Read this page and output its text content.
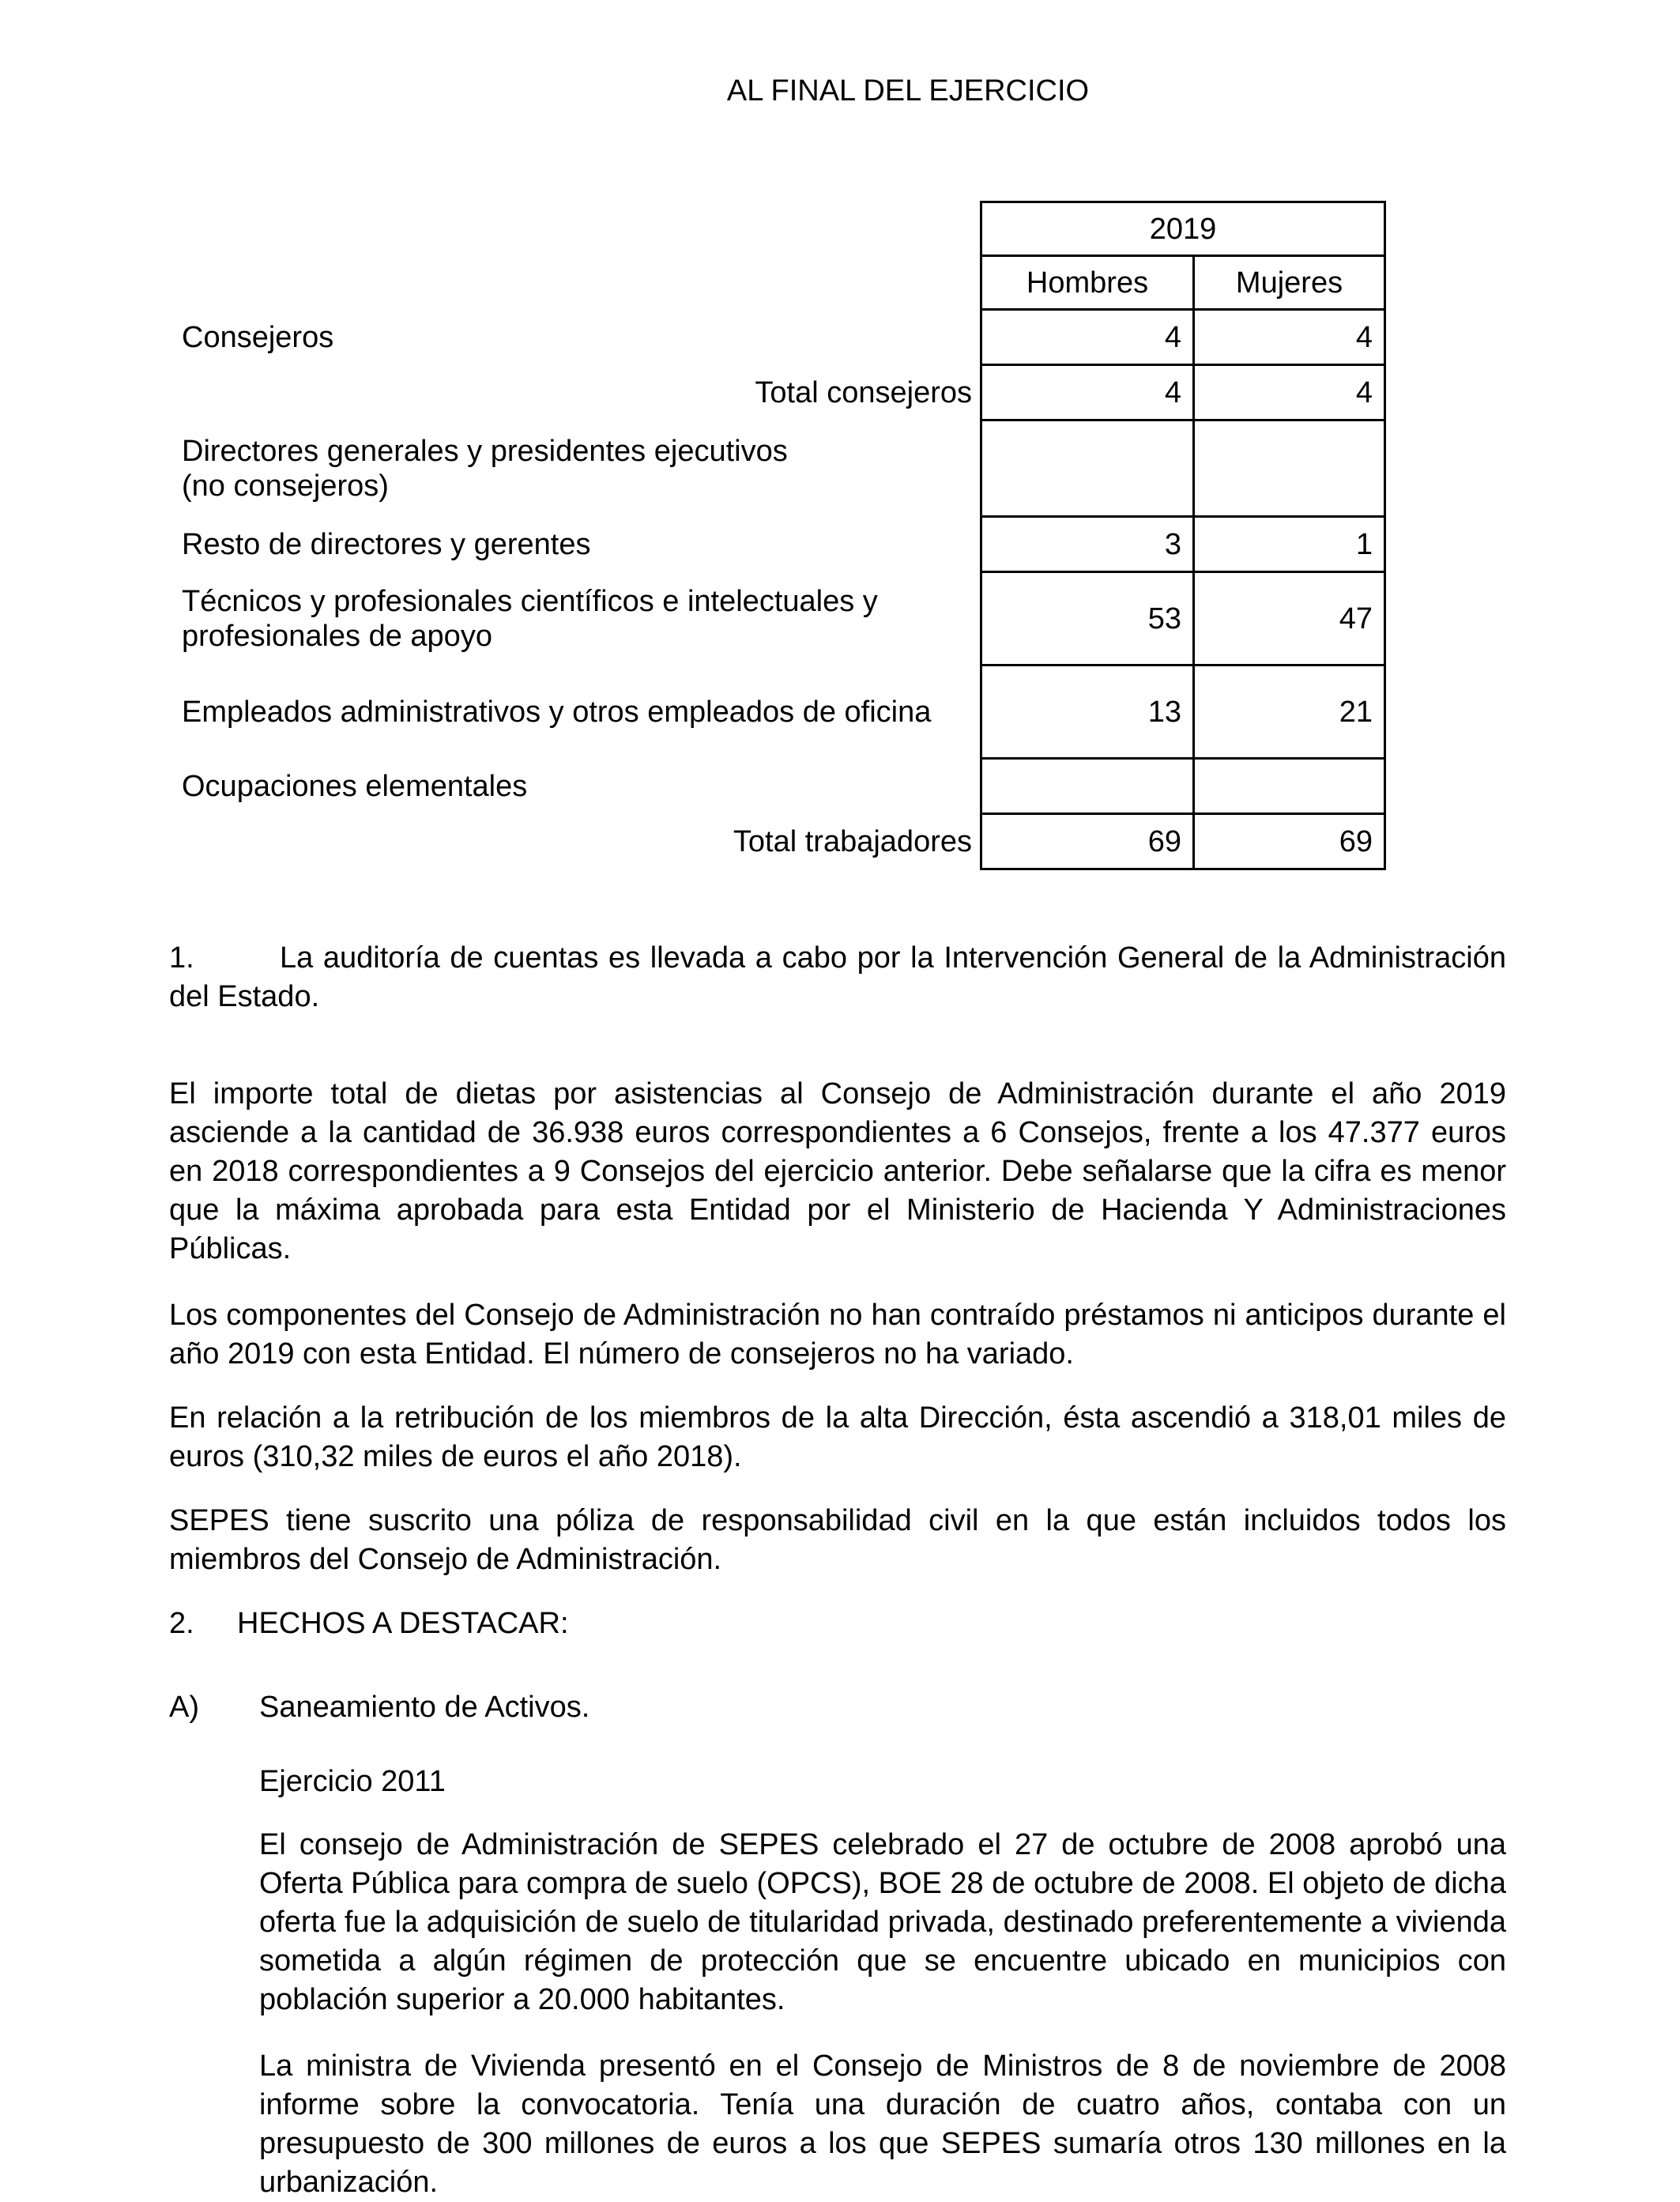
AL FINAL DEL EJERCICIO
	2019	
	Hombres	Mujeres
Consejeros	4	4
Total consejeros	4	4
Directores generales y presidentes ejecutivos (no consejeros)		
Resto de directores y gerentes	3	1
Técnicos y profesionales científicos e intelectuales y profesionales de apoyo	53	47
Empleados administrativos y otros empleados de oficina	13	21
Ocupaciones elementales		
Total trabajadores	69	69

1.	La auditoría de cuentas es llevada a cabo por la Intervención General de la Administración del Estado.

El importe total de dietas por asistencias al Consejo de Administración durante el año 2019 asciende a la cantidad de 36.938 euros correspondientes a 6 Consejos, frente a los 47.377 euros en 2018 correspondientes a 9 Consejos del ejercicio anterior. Debe señalarse que la cifra es menor que la máxima aprobada para esta Entidad por el Ministerio de Hacienda Y Administraciones Públicas.

Los componentes del Consejo de Administración no han contraído préstamos ni anticipos durante el año 2019 con esta Entidad. El número de consejeros no ha variado.

En relación a la retribución de los miembros de la alta Dirección, ésta ascendió a 318,01 miles de euros (310,32 miles de euros el año 2018).

SEPES tiene suscrito una póliza de responsabilidad civil en la que están incluidos todos los miembros del Consejo de Administración.

2. HECHOS A DESTACAR:

A) Saneamiento de Activos.

Ejercicio 2011

El consejo de Administración de SEPES celebrado el 27 de octubre de 2008 aprobó una Oferta Pública para compra de suelo (OPCS), BOE 28 de octubre de 2008. El objeto de dicha oferta fue la adquisición de suelo de titularidad privada, destinado preferentemente a vivienda sometida a algún régimen de protección que se encuentre ubicado en municipios con población superior a 20.000 habitantes.

La ministra de Vivienda presentó en el Consejo de Ministros de 8 de noviembre de 2008 informe sobre la convocatoria. Tenía una duración de cuatro años, contaba con un presupuesto de 300 millones de euros a los que SEPES sumaría otros 130 millones en la urbanización.
